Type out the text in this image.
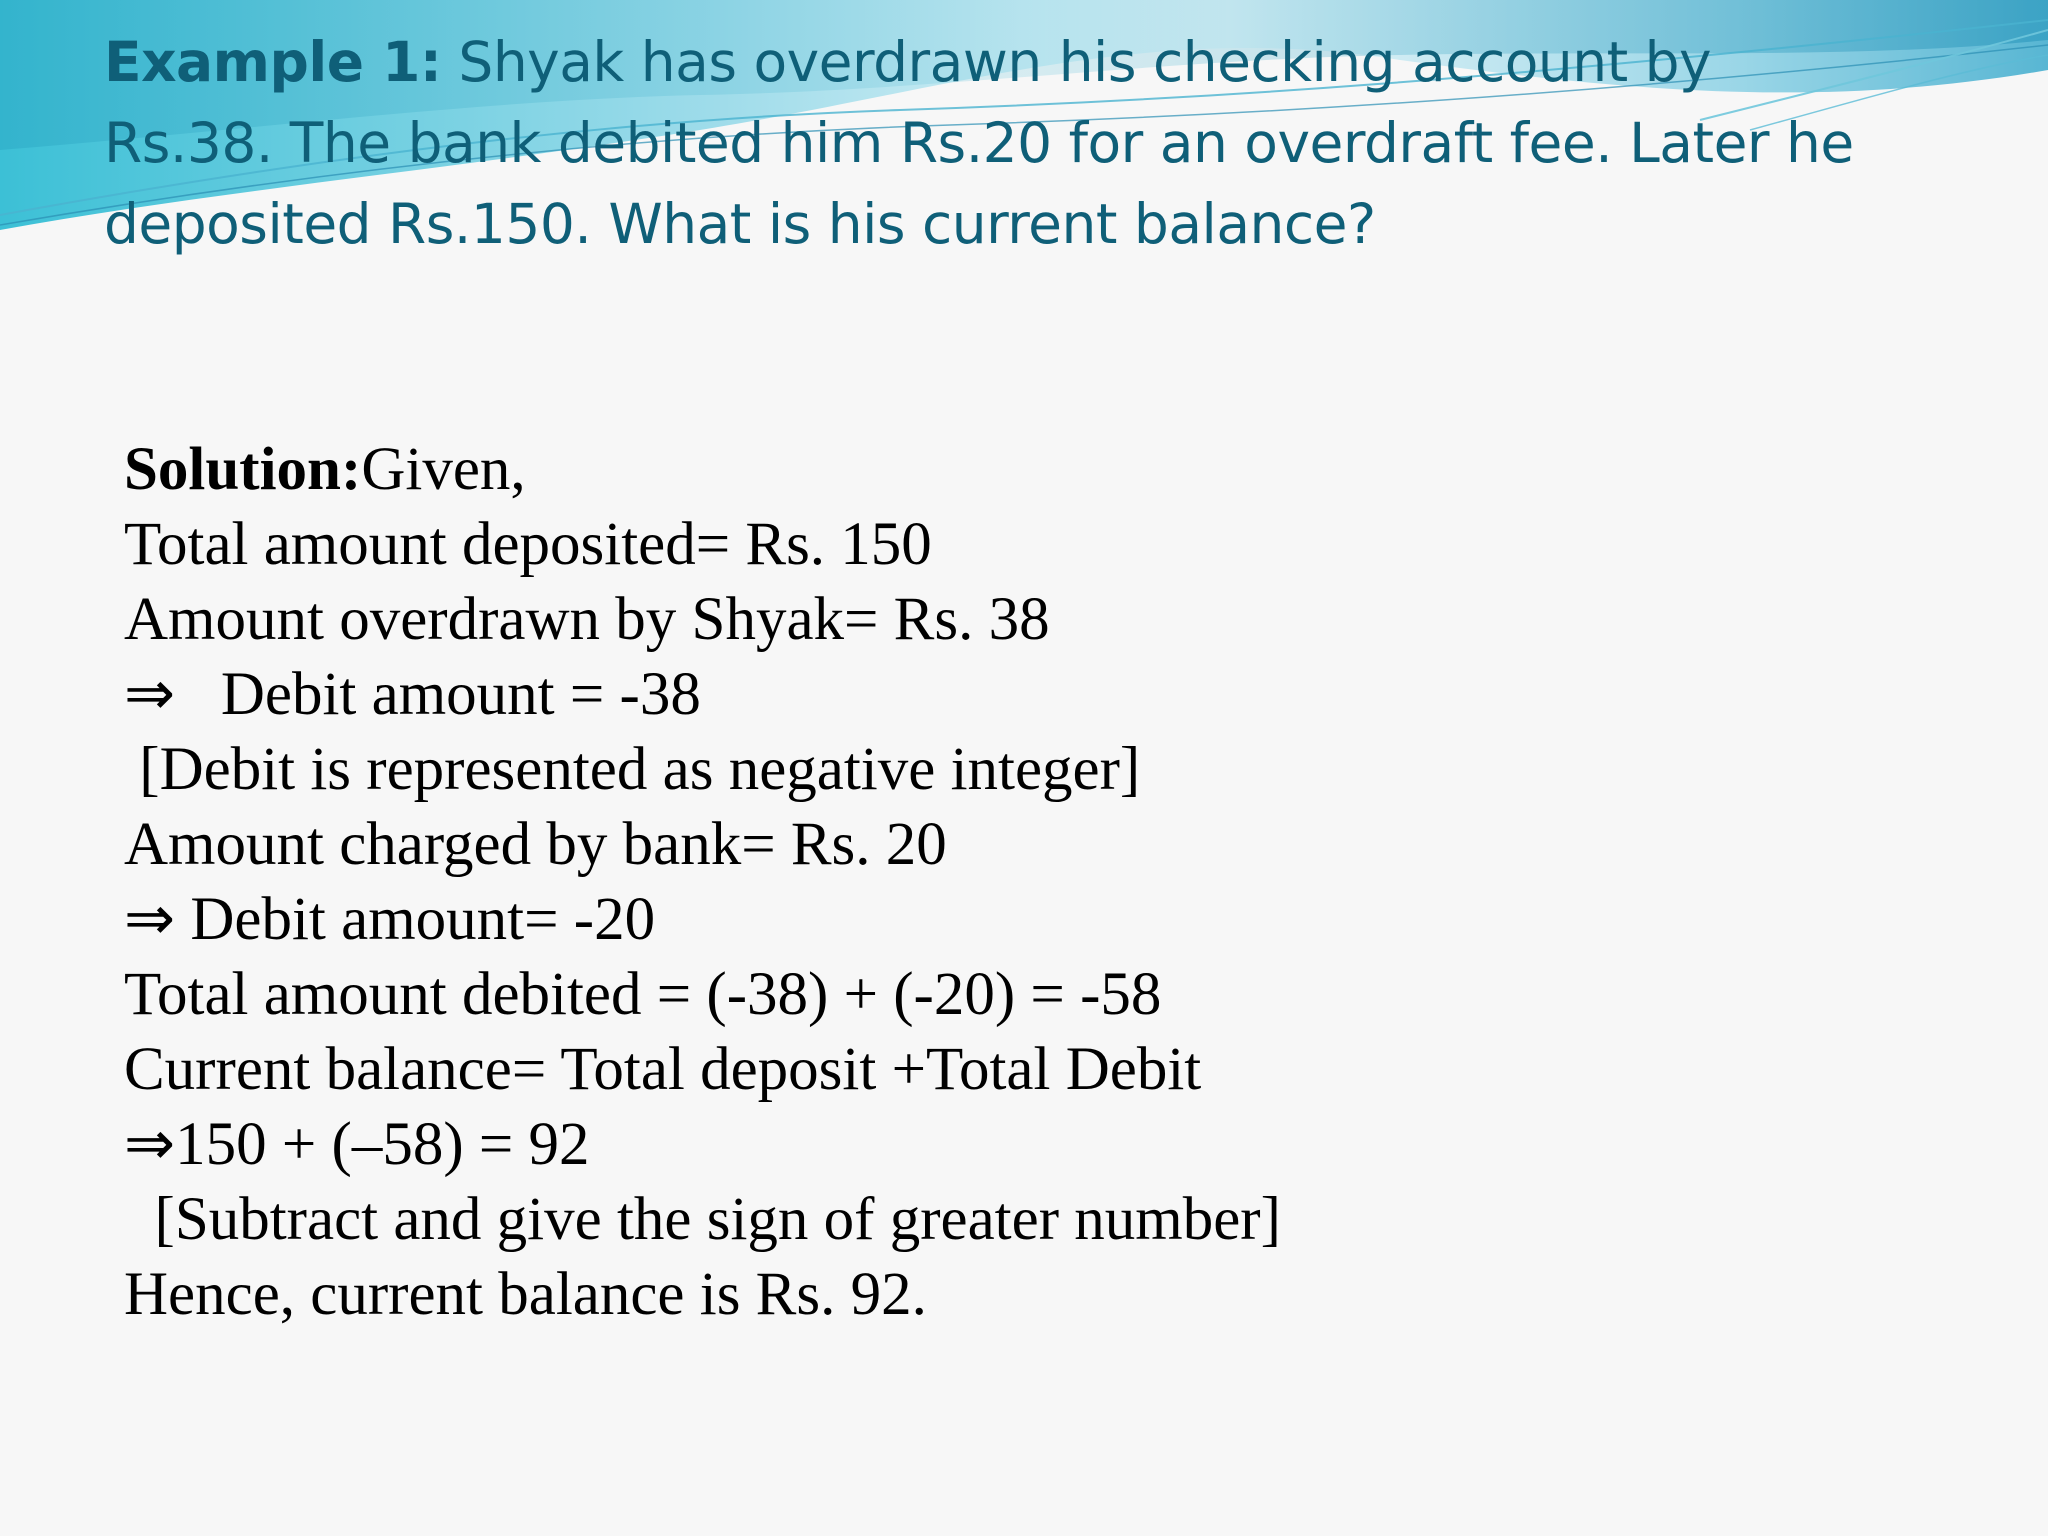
Example 1: Shyak has overdrawn his checking account by
Rs.38. The bank debited him Rs.20 for an overdraft fee. Later he
deposited Rs.150. What is his current balance?
Solution:Given,
Total amount deposited= Rs. 150
Amount overdrawn by Shyak= Rs. 38
⇒   Debit amount = -38
[Debit is represented as negative integer]
Amount charged by bank= Rs. 20
⇒ Debit amount= -20
Total amount debited = (-38) + (-20) = -58
Current balance= Total deposit +Total Debit
⇒150 + (–58) = 92
[Subtract and give the sign of greater number]
Hence, current balance is Rs. 92.
